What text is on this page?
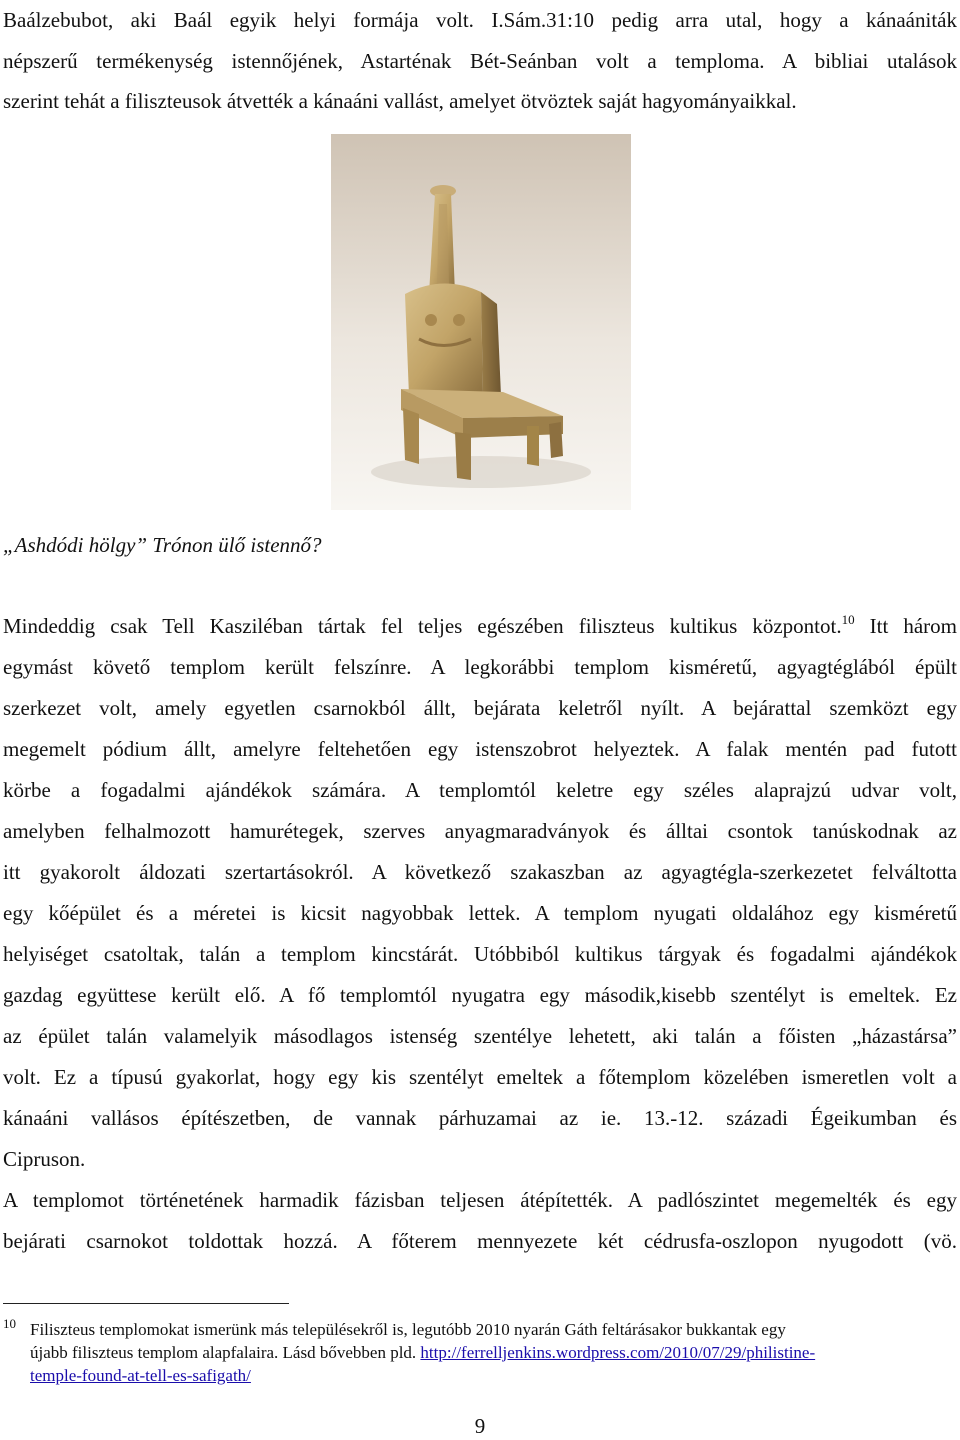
Baálzebubot, aki Baál egyik helyi formája volt. I.Sám.31:10 pedig arra utal, hogy a kánaániták
népszerű termékenység istennőjének, Astarténak Bét-Seánban volt a temploma. A bibliai utalások
szerint tehát a filiszteusok átvették a kánaáni vallást, amelyet ötvöztek saját hagyományaikkal.

„Ashdódi hölgy” Trónon ülő istennő?

Mindeddig csak Tell Kasziléban tártak fel teljes egészében filiszteus kultikus központot.$^{10}$ Itt három
egymást követő templom került felszínre. A legkorábbi templom kisméretű, agyagtéglából épült
szerkezet volt, amely egyetlen csarnokból állt, bejárata keletről nyílt. A bejárattal szemközt egy
megemelt pódium állt, amelyre feltehetően egy istenszobrot helyeztek. A falak mentén pad futott
körbe a fogadalmi ajándékok számára. A templomtól keletre egy széles alaprajzú udvar volt,
amelyben felhalmozott hamurétegek, szerves anyagmaradványok és álltai csontok tanúskodnak az
itt gyakorolt áldozati szertartásokról. A következő szakaszban az agyagtégla-szerkezetet felváltotta
egy kőépület és a méretei is kicsit nagyobbak lettek. A templom nyugati oldalához egy kisméretű
helyiséget csatoltak, talán a templom kincstárát. Utóbbiból kultikus tárgyak és fogadalmi ajándékok
gazdag együttese került elő. A fő templomtól nyugatra egy második,kisebb szentélyt is emeltek. Ez
az épület talán valamelyik másodlagos istenség szentélye lehetett, aki talán a főisten „házastársa”
volt. Ez a típusú gyakorlat, hogy egy kis szentélyt emeltek a főtemplom közelében ismeretlen volt a
kánaáni vallásos építészetben, de vannak párhuzamai az ie. 13.-12. századi Égeikumban és
Cipruson.
A templomot történetének harmadik fázisban teljesen átépítették. A padlószintet megemelték és egy
bejárati csarnokot toldottak hozzá. A főterem mennyezete két cédrusfa-oszlopon nyugodott (vö.
10 Filiszteus templomokat ismerünk más településekről is, legutóbb 2010 nyarán Gáth feltárásakor bukkantak egy
újabb filiszteus templom alapfalaira. Lásd bővebben pld. http://ferrelljenkins.wordpress.com/2010/07/29/philistine-
temple-found-at-tell-es-safigath/
9
